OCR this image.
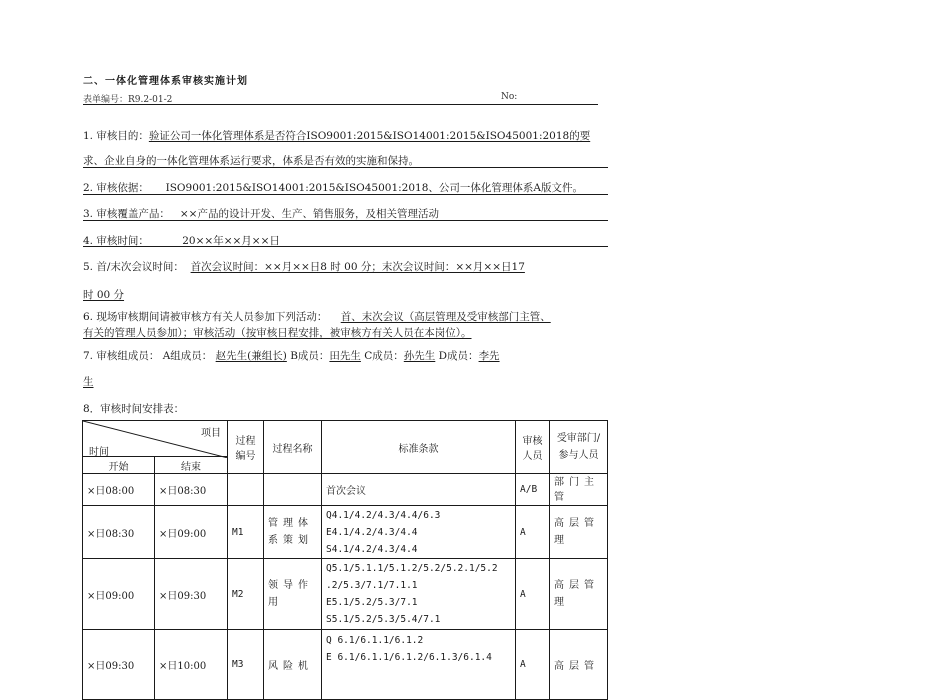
二、一体化管理体系审核实施计划
表单编号：R9.2-01-2	No:
1. 审核目的：验证公司一体化管理体系是否符合ISO9001:2015&ISO14001:2015&ISO45001:2018的要
求、企业自身的一体化管理体系运行要求，体系是否有效的实施和保持。
2. 审核依据： ISO9001:2015&ISO14001:2015&ISO45001:2018、公司一体化管理体系A版文件。
3. 审核覆盖产品： ××产品的设计开发、生产、销售服务，及相关管理活动
4. 审核时间：	20××年××月××日
5. 首/末次会议时间： 首次会议时间：××月××日8 时 00 分；末次会议时间：××月××日17
时 00 分
6. 现场审核期间请被审核方有关人员参加下列活动： 首、末次会议（高层管理及受审核部门主管、
有关的管理人员参加）；审核活动（按审核日程安排，被审核方有关人员在本岗位）。
7. 审核组成员： A组成员： 赵先生(兼组长) B成员：田先生 C成员：孙先生 D成员：李先
生
8．审核时间安排表：
项目
时间		过程编号	过程名称	标准条款	审核人员	受审部门/参与人员
开始	结束					
×日08:00	×日08:30			首次会议	A/B	部门主管
×日08:30	×日09:00	M1	管理体系策划	Q4.1/4.2/4.3/4.4/6.3
E4.1/4.2/4.3/4.4
S4.1/4.2/4.3/4.4	A	高层管理
×日09:00	×日09:30	M2	领导作用	Q5.1/5.1.1/5.1.2/5.2/5.2.1/5.2
.2/5.3/7.1/7.1.1
E5.1/5.2/5.3/7.1
S5.1/5.2/5.3/5.4/7.1	A	高层管理
×日09:30	×日10:00	M3	风险机	Q 6.1/6.1.1/6.1.2
E 6.1/6.1.1/6.1.2/6.1.3/6.1.4	A	高层管
